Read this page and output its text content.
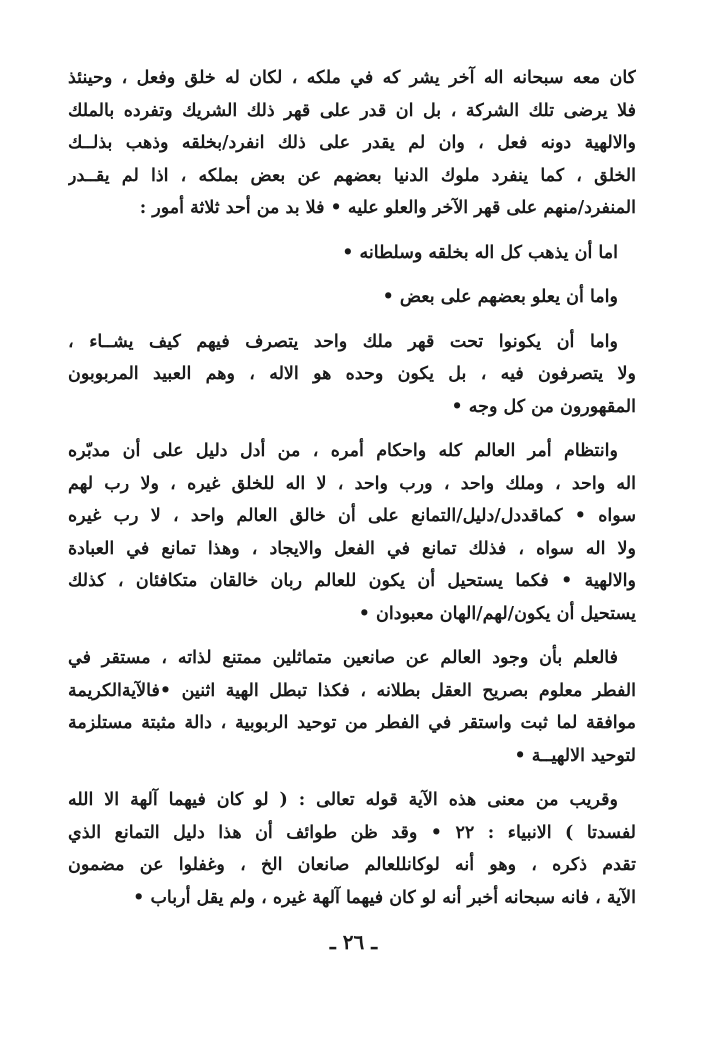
كان معه سبحانه اله آخر يشر كه في ملكه ، لكان له خلق وفعل ، وحينئذ
فلا يرضى تلك الشركة ، بل ان قدر على قهر ذلك الشريك وتفرده بالملك
والالهية دونه فعل ، وان لم يقدر على ذلك انفرد/بخلقه وذهب بذلــك
الخلق ، كما ينفرد ملوك الدنيا بعضهم عن بعض بملكه ، اذا لم يقــدر
المنفرد/منهم على قهر الآخر والعلو عليه • فلا بد من أحد ثلاثة أمور :
اما أن يذهب كل اله بخلقه وسلطانه •
واما أن يعلو بعضهم على بعض •
واما أن يكونوا تحت قهر ملك واحد يتصرف فيهم كيف يشــاء ،
ولا يتصرفون فيه ، بل يكون وحده هو الاله ، وهم العبيد المربوبون
المقهورون من كل وجه •
وانتظام أمر العالم كله واحكام أمره ، من أدل دليل على أن مدبّره
اله واحد ، وملك واحد ، ورب واحد ، لا اله للخلق غيره ، ولا رب لهم
سواه • كماقددل/دليل/التمانع على أن خالق العالم واحد ، لا رب غيره
ولا اله سواه ، فذلك تمانع في الفعل والايجاد ، وهذا تمانع في العبادة
والالهية • فكما يستحيل أن يكون للعالم ربان خالقان متكافئان ، كذلك
يستحيل أن يكون/لهم/الهان معبودان •
فالعلم بأن وجود العالم عن صانعين متماثلين ممتنع لذاته ، مستقر في
الفطر معلوم بصريح العقل بطلانه ، فكذا تبطل الهية اثنين •فالآيةالكريمة
موافقة لما ثبت واستقر في الفطر من توحيد الربوبية ، دالة مثبتة مستلزمة
لتوحيد الالهيــة •
وقريب من معنى هذه الآية قوله تعالى : ( لو كان فيهما آلهة الا الله
لفسدتا ) الانبياء : ٢٢ • وقد ظن طوائف أن هذا دليل التمانع الذي
تقدم ذكره ، وهو أنه لوكانللعالم صانعان الخ ، وغفلوا عن مضمون
الآية ، فانه سبحانه أخبر أنه لو كان فيهما آلهة غيره ، ولم يقل أرباب •
ـ ٢٦ ـ
